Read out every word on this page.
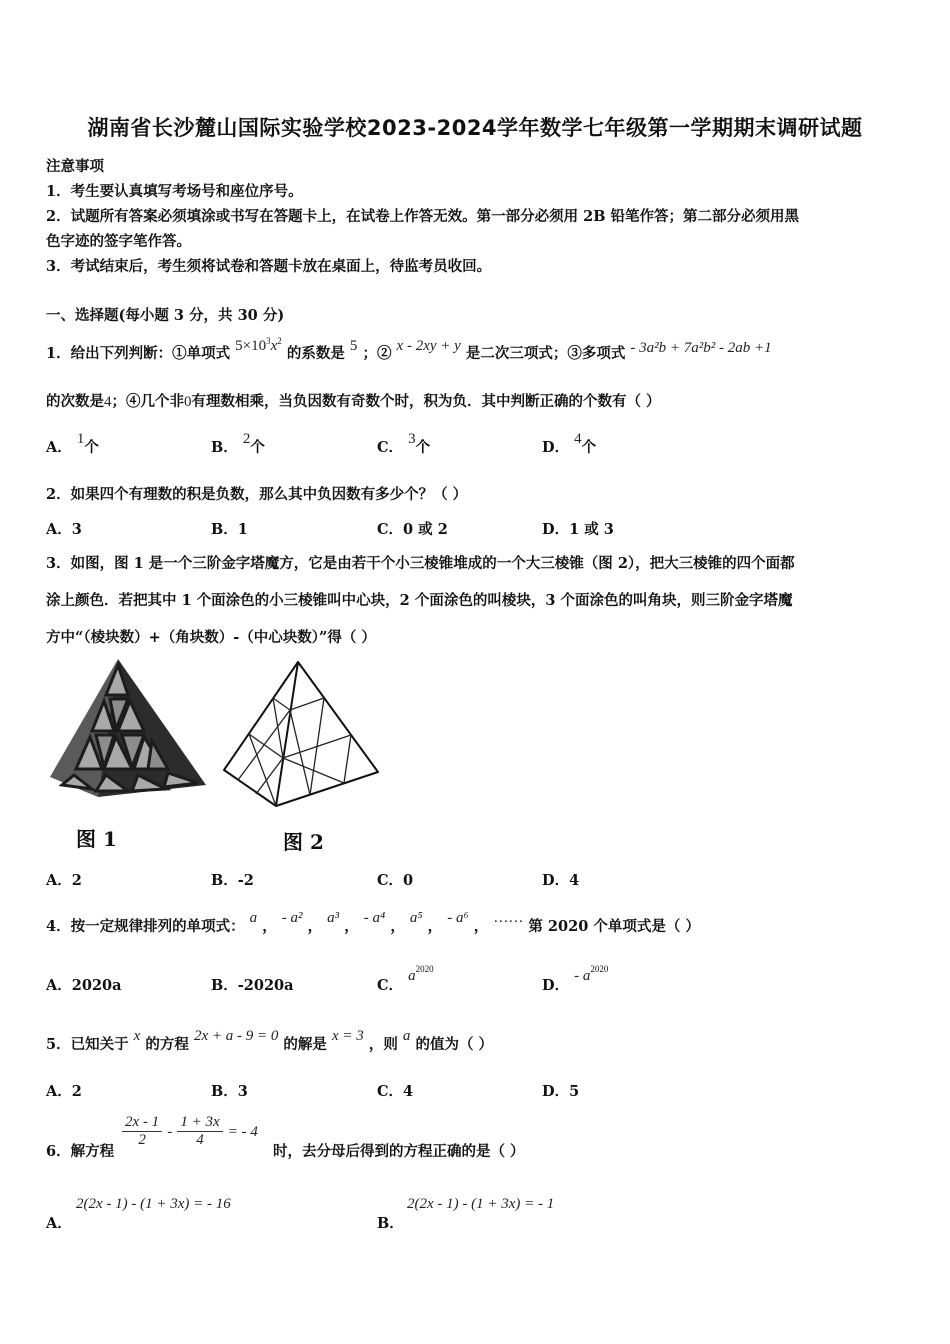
湖南省长沙麓山国际实验学校2023-2024学年数学七年级第一学期期末调研试题
注意事项
1．考生要认真填写考场号和座位序号。
2．试题所有答案必须填涂或书写在答题卡上，在试卷上作答无效。第一部分必须用 2B 铅笔作答；第二部分必须用黑
色字迹的签字笔作答。
3．考试结束后，考生须将试卷和答题卡放在桌面上，待监考员收回。
一、选择题(每小题 3 分，共 30 分)
1．给出下列判断：①单项式 $5\times 10^3x^2$ 的系数是 5 ；② x - 2xy + y 是二次三项式；③多项式 - 3a²b + 7a²b² - 2ab +1
的次数是4；④几个非0有理数相乘，当负因数有奇数个时，积为负．其中判断正确的个数有（ ）
A． 1个	B． 2个	C． 3个	D． 4个
2．如果四个有理数的积是负数，那么其中负因数有多少个？（ ）
A．3	B．1	C．0 或 2	D．1 或 3
3．如图，图 1 是一个三阶金字塔魔方，它是由若干个小三棱锥堆成的一个大三棱锥（图 2），把大三棱锥的四个面都
涂上颜色．若把其中 1 个面涂色的小三棱锥叫中心块，2 个面涂色的叫棱块，3 个面涂色的叫角块，则三阶金字塔魔
方中“（棱块数）+（角块数）-（中心块数）”得（ ）
图 1	图 2
A．2	B．-2	C．0	D．4
4．按一定规律排列的单项式： a ， - a² ， a³ ， - a⁴ ， a⁵ ， - a⁶ ， …… 第 2020 个单项式是（ ）
A．2020a	B．-2020a	C． $a^{2020}$
D． - $a^{2020}$
5．已知关于 x 的方程 2x + a - 9 = 0 的解是 x = 3 ，则 a 的值为（ ）
A．2	B．3	C．4	D．5
6．解方程
$\frac{2x - 1}{2} - \frac{1 + 3x}{4}$ = - 4
时，去分母后得到的方程正确的是（ ）
A．
2(2x - 1) - (1 + 3x) = - 16
B．
2(2x - 1) - (1 + 3x) = - 1
